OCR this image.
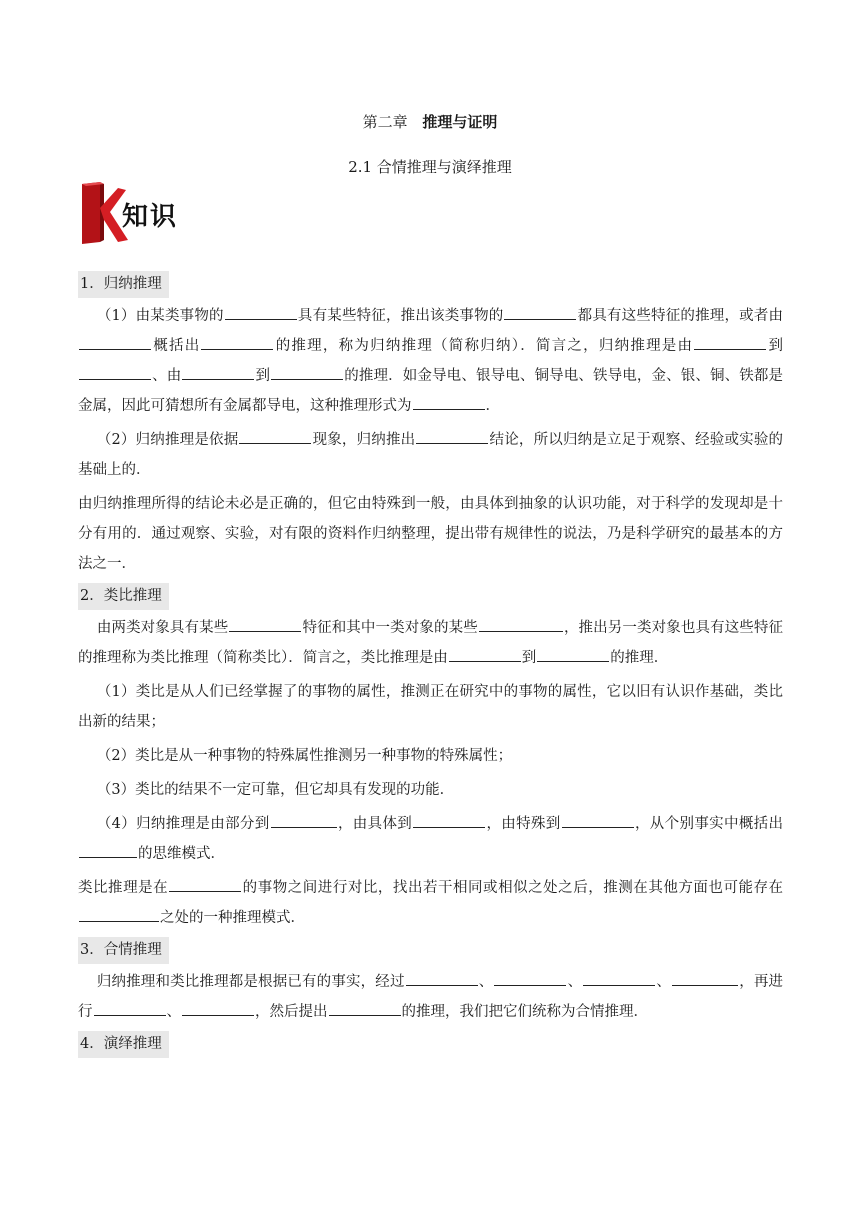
第二章 推理与证明
2.1 合情推理与演绎推理
知识
1．归纳推理

（1）由某类事物的	具有某些特征，推出该类事物的	都具有这些特征的推理，或者由概括出	的推理，称为归纳推理（简称归纳）．简言之，归纳推理是由	到、由	到	的推理．如金导电、银导电、铜导电、铁导电，金、银、铜、铁都是金属，因此可猜想所有金属都导电，这种推理形式为	．

（2）归纳推理是依据	现象，归纳推出	结论，所以归纳是立足于观察、经验或实验的基础上的．

由归纳推理所得的结论未必是正确的，但它由特殊到一般，由具体到抽象的认识功能，对于科学的发现却是十分有用的．通过观察、实验，对有限的资料作归纳整理，提出带有规律性的说法，乃是科学研究的最基本的方法之一．

2．类比推理

由两类对象具有某些	特征和其中一类对象的某些	，推出另一类对象也具有这些特征的推理称为类比推理（简称类比）．简言之，类比推理是由	到	的推理．

（1）类比是从人们已经掌握了的事物的属性，推测正在研究中的事物的属性，它以旧有认识作基础，类比出新的结果；

（2）类比是从一种事物的特殊属性推测另一种事物的特殊属性；

（3）类比的结果不一定可靠，但它却具有发现的功能．

（4）归纳推理是由部分到	，由具体到	，由特殊到	，从个别事实中概括出的思维模式．

类比推理是在	的事物之间进行对比，找出若干相同或相似之处之后，推测在其他方面也可能存在之处的一种推理模式．

3．合情推理

归纳推理和类比推理都是根据已有的事实，经过	、	、	、	，再进行	、	，然后提出	的推理，我们把它们统称为合情推理．

4．演绎推理
